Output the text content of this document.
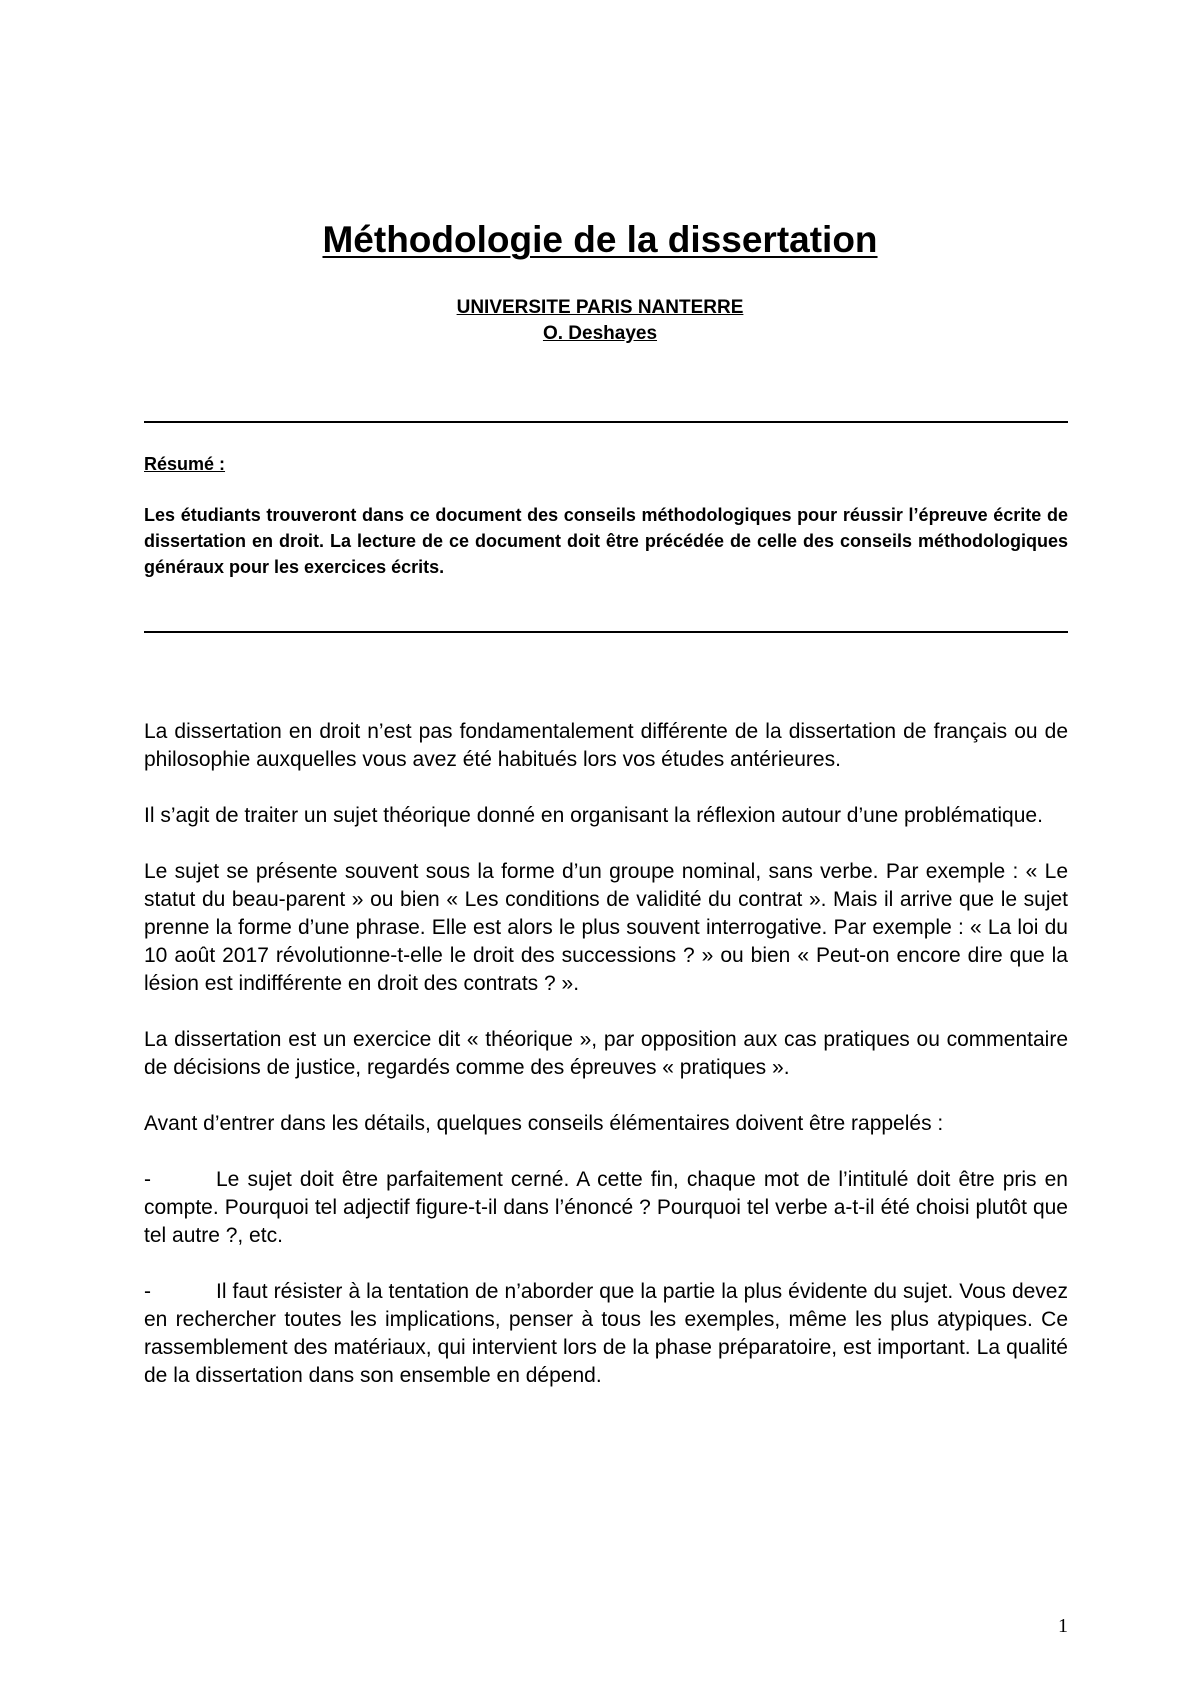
Méthodologie de la dissertation
UNIVERSITE PARIS NANTERRE
O. Deshayes
Résumé :

Les étudiants trouveront dans ce document des conseils méthodologiques pour réussir l’épreuve écrite de dissertation en droit. La lecture de ce document doit être précédée de celle des conseils méthodologiques généraux pour les exercices écrits.

La dissertation en droit n’est pas fondamentalement différente de la dissertation de français ou de philosophie auxquelles vous avez été habitués lors vos études antérieures.

Il s’agit de traiter un sujet théorique donné en organisant la réflexion autour d’une problématique.

Le sujet se présente souvent sous la forme d’un groupe nominal, sans verbe. Par exemple : « Le statut du beau-parent » ou bien « Les conditions de validité du contrat ». Mais il arrive que le sujet prenne la forme d’une phrase. Elle est alors le plus souvent interrogative. Par exemple : « La loi du 10 août 2017 révolutionne-t-elle le droit des successions ? » ou bien « Peut-on encore dire que la lésion est indifférente en droit des contrats ? ».

La dissertation est un exercice dit « théorique », par opposition aux cas pratiques ou commentaire de décisions de justice, regardés comme des épreuves « pratiques ».

Avant d’entrer dans les détails, quelques conseils élémentaires doivent être rappelés :

-	Le sujet doit être parfaitement cerné. A cette fin, chaque mot de l’intitulé doit être pris en compte. Pourquoi tel adjectif figure-t-il dans l’énoncé ? Pourquoi tel verbe a-t-il été choisi plutôt que tel autre ?, etc.

-	Il faut résister à la tentation de n’aborder que la partie la plus évidente du sujet. Vous devez en rechercher toutes les implications, penser à tous les exemples, même les plus atypiques. Ce rassemblement des matériaux, qui intervient lors de la phase préparatoire, est important. La qualité de la dissertation dans son ensemble en dépend.

1
